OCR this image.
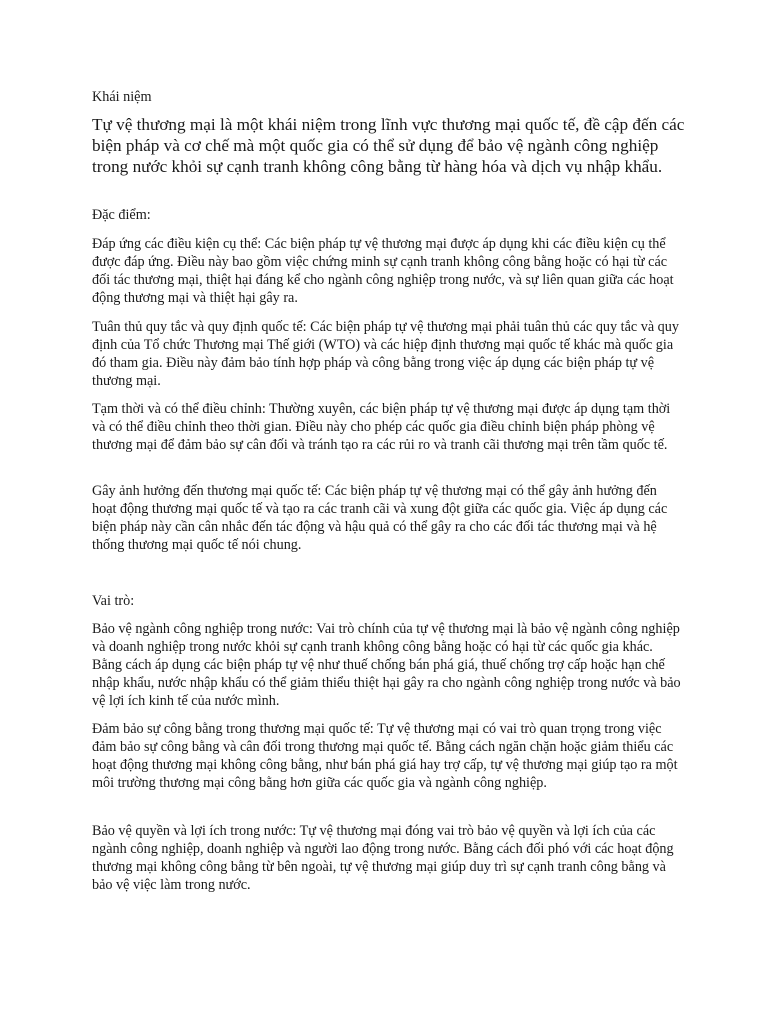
Khái niệm
Tự vệ thương mại là một khái niệm trong lĩnh vực thương mại quốc tế, đề cập đến các biện pháp và cơ chế mà một quốc gia có thể sử dụng để bảo vệ ngành công nghiệp trong nước khỏi sự cạnh tranh không công bằng từ hàng hóa và dịch vụ nhập khẩu.
Đặc điểm:
Đáp ứng các điều kiện cụ thể: Các biện pháp tự vệ thương mại được áp dụng khi các điều kiện cụ thể được đáp ứng. Điều này bao gồm việc chứng minh sự cạnh tranh không công bằng hoặc có hại từ các đối tác thương mại, thiệt hại đáng kể cho ngành công nghiệp trong nước, và sự liên quan giữa các hoạt động thương mại và thiệt hại gây ra.
Tuân thủ quy tắc và quy định quốc tế: Các biện pháp tự vệ thương mại phải tuân thủ các quy tắc và quy định của Tổ chức Thương mại Thế giới (WTO) và các hiệp định thương mại quốc tế khác mà quốc gia đó tham gia. Điều này đảm bảo tính hợp pháp và công bằng trong việc áp dụng các biện pháp tự vệ thương mại.
Tạm thời và có thể điều chỉnh: Thường xuyên, các biện pháp tự vệ thương mại được áp dụng tạm thời và có thể điều chỉnh theo thời gian. Điều này cho phép các quốc gia điều chỉnh biện pháp phòng vệ thương mại để đảm bảo sự cân đối và tránh tạo ra các rủi ro và tranh cãi thương mại trên tầm quốc tế.
Gây ảnh hưởng đến thương mại quốc tế: Các biện pháp tự vệ thương mại có thể gây ảnh hưởng đến hoạt động thương mại quốc tế và tạo ra các tranh cãi và xung đột giữa các quốc gia. Việc áp dụng các biện pháp này cần cân nhắc đến tác động và hậu quả có thể gây ra cho các đối tác thương mại và hệ thống thương mại quốc tế nói chung.
Vai trò:
Bảo vệ ngành công nghiệp trong nước: Vai trò chính của tự vệ thương mại là bảo vệ ngành công nghiệp và doanh nghiệp trong nước khỏi sự cạnh tranh không công bằng hoặc có hại từ các quốc gia khác. Bằng cách áp dụng các biện pháp tự vệ như thuế chống bán phá giá, thuế chống trợ cấp hoặc hạn chế nhập khẩu, nước nhập khẩu có thể giảm thiểu thiệt hại gây ra cho ngành công nghiệp trong nước và bảo vệ lợi ích kinh tế của nước mình.
Đảm bảo sự công bằng trong thương mại quốc tế: Tự vệ thương mại có vai trò quan trọng trong việc đảm bảo sự công bằng và cân đối trong thương mại quốc tế. Bằng cách ngăn chặn hoặc giảm thiểu các hoạt động thương mại không công bằng, như bán phá giá hay trợ cấp, tự vệ thương mại giúp tạo ra một môi trường thương mại công bằng hơn giữa các quốc gia và ngành công nghiệp.
Bảo vệ quyền và lợi ích trong nước: Tự vệ thương mại đóng vai trò bảo vệ quyền và lợi ích của các ngành công nghiệp, doanh nghiệp và người lao động trong nước. Bằng cách đối phó với các hoạt động thương mại không công bằng từ bên ngoài, tự vệ thương mại giúp duy trì sự cạnh tranh công bằng và bảo vệ việc làm trong nước.
